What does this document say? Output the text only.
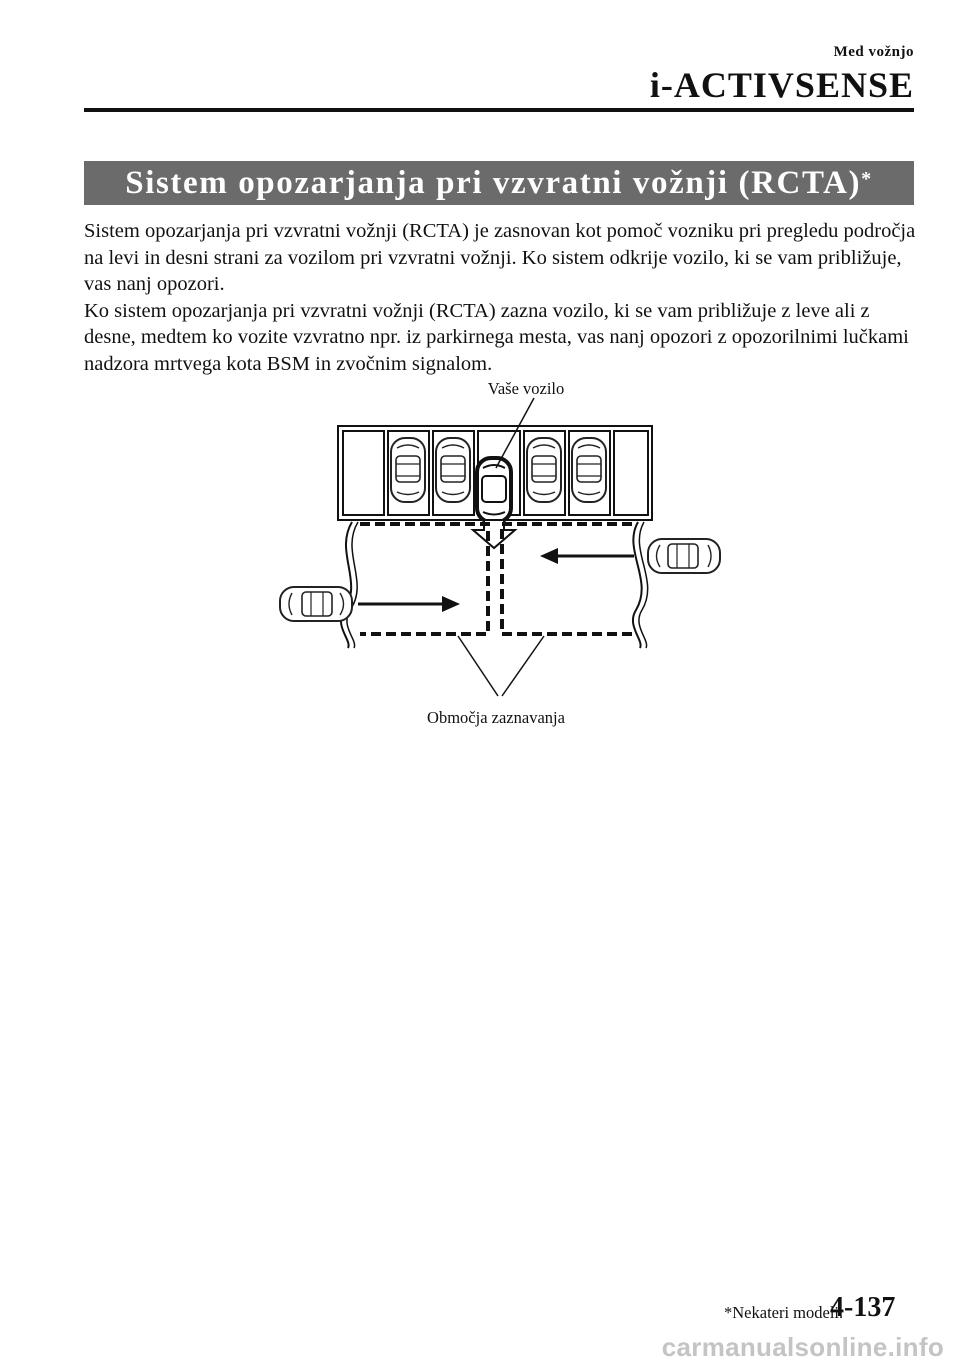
Med vožnjo
i-ACTIVSENSE
Sistem opozarjanja pri vzvratni vožnji (RCTA)*

Sistem opozarjanja pri vzvratni vožnji (RCTA) je zasnovan kot pomoč vozniku pri pregledu področja na levi in desni strani za vozilom pri vzvratni vožnji. Ko sistem odkrije vozilo, ki se vam približuje, vas nanj opozori.

Ko sistem opozarjanja pri vzvratni vožnji (RCTA) zazna vozilo, ki se vam približuje z leve ali z desne, medtem ko vozite vzvratno npr. iz parkirnega mesta, vas nanj opozori z opozorilnimi lučkami nadzora mrtvega kota BSM in zvočnim signalom.

Vaše vozilo
Območja zaznavanja
*Nekateri modeli.
4-137
carmanualsonline.info
